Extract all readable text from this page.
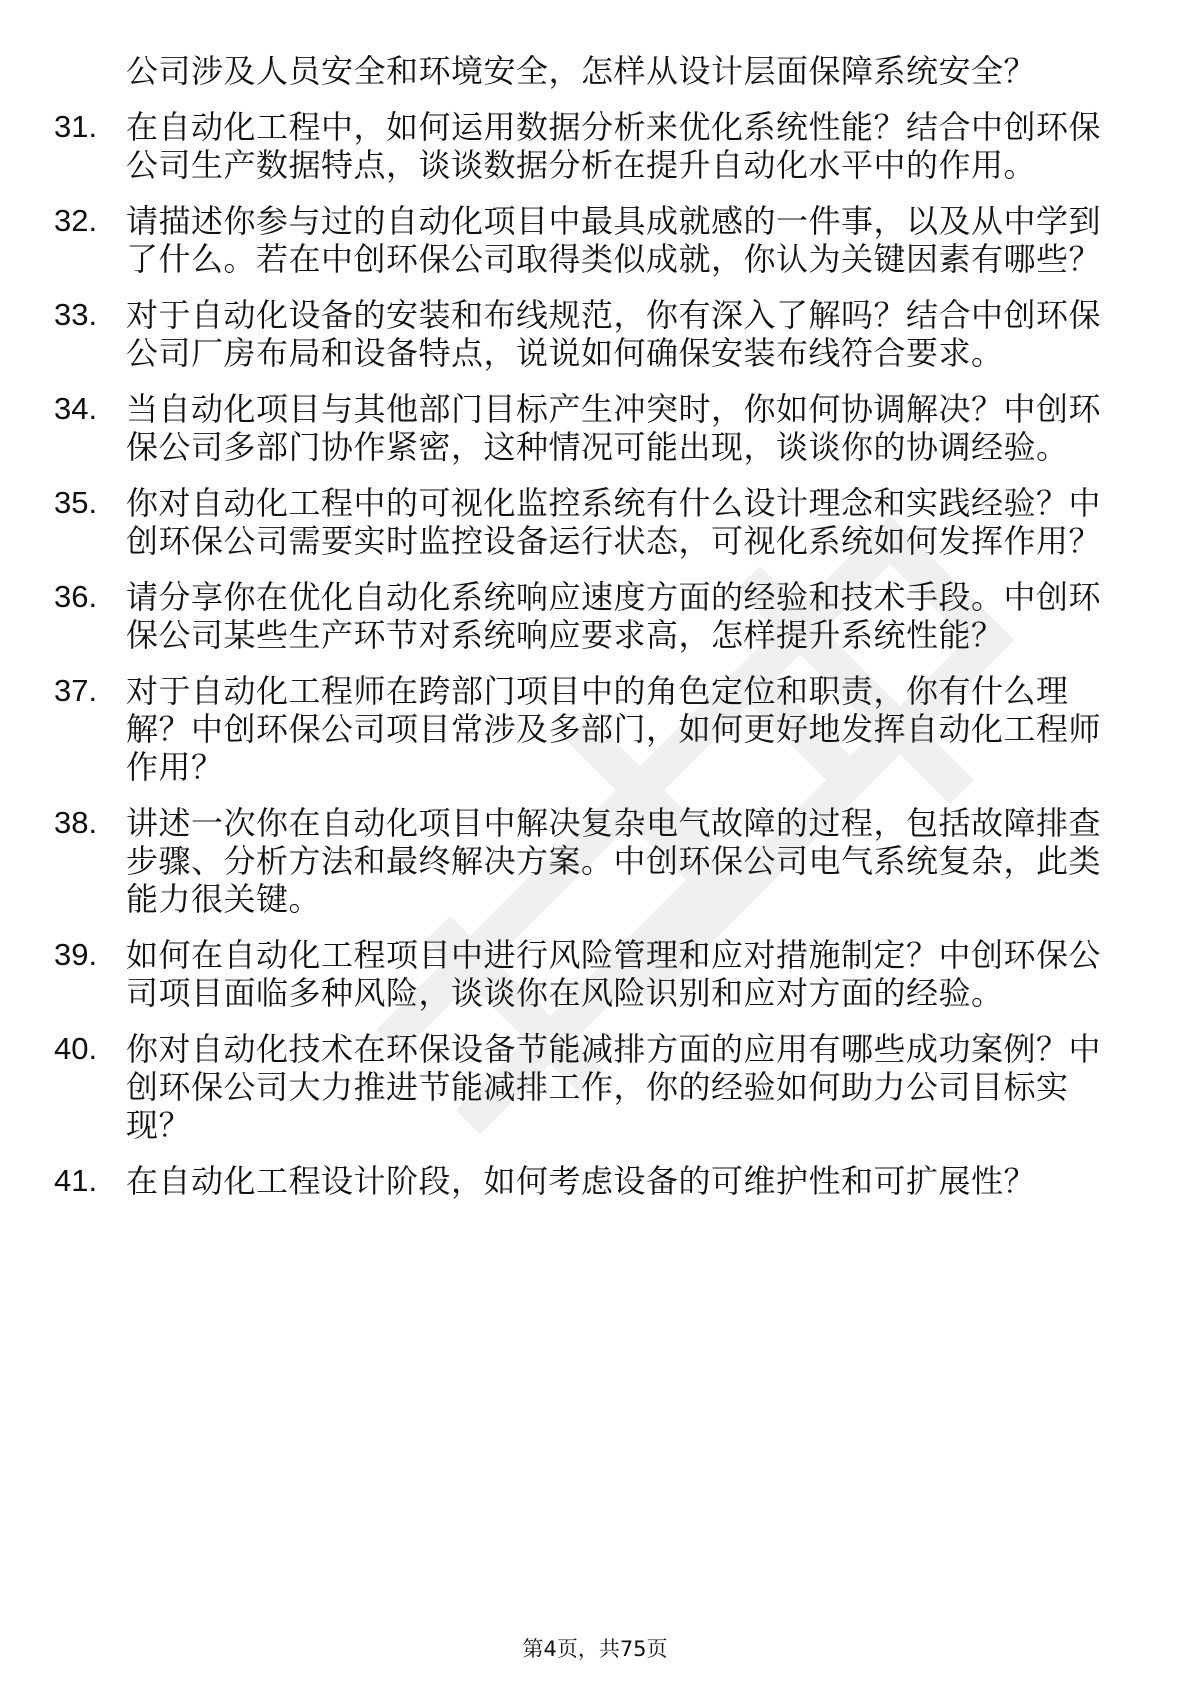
公司涉及人员安全和环境安全，怎样从设计层面保障系统安全？

31. 在自动化工程中，如何运用数据分析来优化系统性能？结合中创环保公司生产数据特点，谈谈数据分析在提升自动化水平中的作用。
32. 请描述你参与过的自动化项目中最具成就感的一件事，以及从中学到了什么。若在中创环保公司取得类似成就，你认为关键因素有哪些？
33. 对于自动化设备的安装和布线规范，你有深入了解吗？结合中创环保公司厂房布局和设备特点，说说如何确保安装布线符合要求。
34. 当自动化项目与其他部门目标产生冲突时，你如何协调解决？中创环保公司多部门协作紧密，这种情况可能出现，谈谈你的协调经验。
35. 你对自动化工程中的可视化监控系统有什么设计理念和实践经验？中创环保公司需要实时监控设备运行状态，可视化系统如何发挥作用？
36. 请分享你在优化自动化系统响应速度方面的经验和技术手段。中创环保公司某些生产环节对系统响应要求高，怎样提升系统性能？
37. 对于自动化工程师在跨部门项目中的角色定位和职责，你有什么理解？中创环保公司项目常涉及多部门，如何更好地发挥自动化工程师作用？
38. 讲述一次你在自动化项目中解决复杂电气故障的过程，包括故障排查步骤、分析方法和最终解决方案。中创环保公司电气系统复杂，此类能力很关键。
39. 如何在自动化工程项目中进行风险管理和应对措施制定？中创环保公司项目面临多种风险，谈谈你在风险识别和应对方面的经验。
40. 你对自动化技术在环保设备节能减排方面的应用有哪些成功案例？中创环保公司大力推进节能减排工作，你的经验如何助力公司目标实现？
41. 在自动化工程设计阶段，如何考虑设备的可维护性和可扩展性？
第4页，共75页
